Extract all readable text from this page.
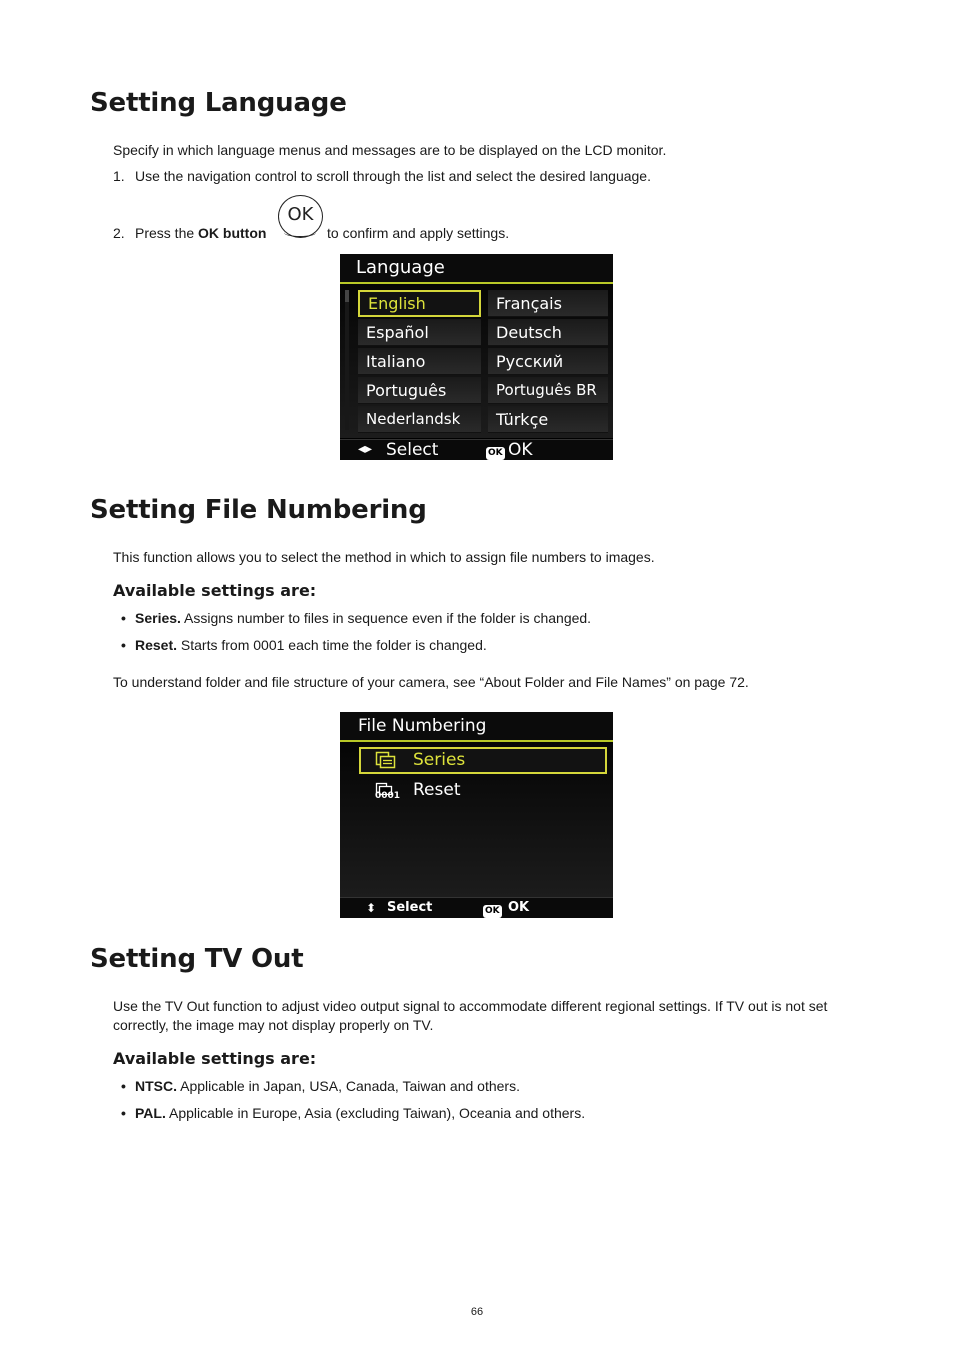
Setting Language

Specify in which language menus and messages are to be displayed on the LCD monitor.

1. Use the navigation control to scroll through the list and select the desired language.
2. Press the OK button
OK
to confirm and apply settings.
Language
English	Français
Español	Deutsch
Italiano	Русский
Português	Português BR
Nederlandsk	Türkçe
◂▸ Select	OK OK
Setting File Numbering

This function allows you to select the method in which to assign file numbers to images.

Available settings are:
• Series. Assigns number to files in sequence even if the folder is changed.
• Reset. Starts from 0001 each time the folder is changed.

To understand folder and file structure of your camera, see “About Folder and File Names” on page 72.

File Numbering
Series
0001 Reset
⬍ Select	OK OK
Setting TV Out

Use the TV Out function to adjust video output signal to accommodate different regional settings. If TV out is not set correctly, the image may not display properly on TV.

Available settings are:
• NTSC. Applicable in Japan, USA, Canada, Taiwan and others.
• PAL. Applicable in Europe, Asia (excluding Taiwan), Oceania and others.
66
